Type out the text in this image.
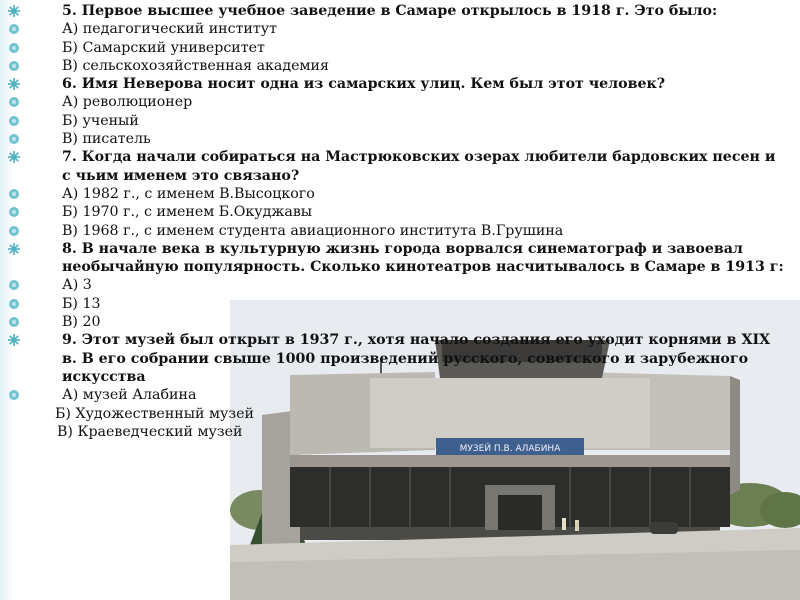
МУЗЕЙ П.В. АЛАБИНА

5. Первое высшее учебное заведение в Самаре открылось в 1918 г. Это было:

А) педагогический институт

Б) Самарский университет

В) сельскохозяйственная академия

6. Имя Неверова носит одна из самарских улиц. Кем был этот человек?

А) революционер

Б) ученый

В) писатель

7. Когда начали собираться на Мастрюковских озерах любители бардовских песен и с чьим именем это связано?

А) 1982 г., с именем В.Высоцкого

Б) 1970 г., с именем Б.Окуджавы

В) 1968 г., с именем студента авиационного института В.Грушина

8. В начале века в культурную жизнь города ворвался синематограф и завоевал необычайную популярность. Сколько кинотеатров насчитывалось в Самаре в 1913 г:

А) 3

Б) 13

В) 20

9. Этот музей был открыт в 1937 г., хотя начало создания его уходит корнями в XIX в. В его собрании свыше 1000 произведений русского, советского и зарубежного искусства

А) музей Алабина

Б) Художественный музей

В) Краеведческий музей
